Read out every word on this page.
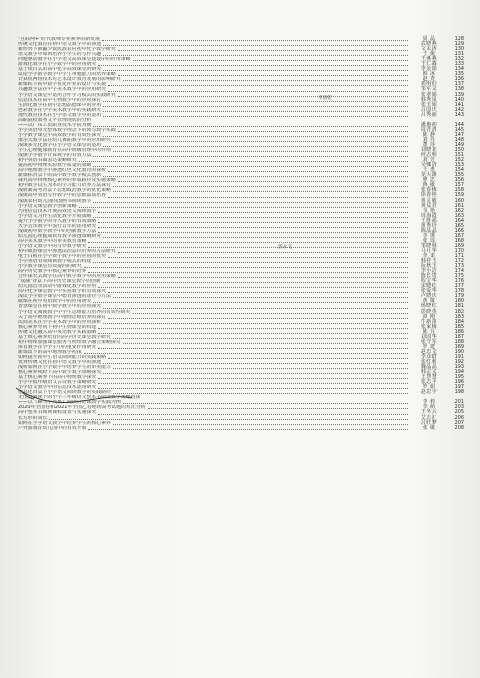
"互联网+"时代教师专业素养的新发展	周 晶	128
传统文化教育在初中语文教学中的渗透	武晓燕	129
新形势下新疆少数民族农村初中化学教学研究	文永涛	130
语文教学中如何培养小学生的写作兴趣	王 俊	131
问题驱动教学在小学语文高效课堂建设中的应用策略	王燕燕	132
游戏化教学在小学数学中的应用研究	王仁森	133
基于项目式的高中化学高效课堂的研究	李金娟	134
试论小学数学教学中学生审题能力的培养策略	韩 冰	135
计算机网络技术对艺术设计教育发展的影响研究	赵 青	136
新课程下初中数学优化作业的设计与实施	邓明伯	137
兴趣教学法在中学美术教学中的应用研究	邹军义	138
小学语文课堂中运用合作学习模式的实践研究	张翠娟	139
信息技术在高中生物教学中的应用探讨	韩秀凤	140
生活化教学在初中思想品德课中的应用	张玉娟	141
色彩教学在小学美术教学中的实践研究	吕国庆	142
现代教育技术在小学语文教学中的运用	吕秀丽	143
高职院校教务文字管理现状的分析
——以广东工贸职业技术学院为例	潘惠初	144
小学英语单元整体教学理念下的读写教学实践	周晋清	145
小学数学课堂中高效教学的有效性探究	陈 静	147
奥尔夫教学法在幼儿舞蹈教学中的应用研究	刘 丹	148
浅谈多元化教学在小学语文课堂的运用	董 莎	149
学生心理健康教育在高中班级管理中的作用	刘晓菲	150
浅谈小学数学计算教学的有效方法	何志明	151
初中英语书面表达策略研究	刘 芳	152
提高初中物理实验教学质量的策略	吴娜清	153
高中地理教学中渗透红色文化教育的探析	王 勇	154
新课标背景下的高中数学教学模式创新	龙大雄	155
探究高中物理核心素养的养成路径及实施策略	廖 忠	156
初中数学以生为本的学习能力培养方法探讨	蒋 敏	157
浅析新高考背景下思想政治教学的优化策略	张春梅	158
浅谈高中英语写作教学中的思维品质培养	徐春艳	159
浅谈农村幼儿园的图画书阅读教学	黄灵敏	160
小学语文课堂教学创新策略	黄益君	161
巧用信息技术开展高效语文阅读教学	韦 艳	162
小学语文习作生活化教学开展策略	周海霞	163
提升小学数学的导入教学的有效策略	王胜福	164
大学音乐教学中流行音乐的运用研究	黄秀玲	165
浅谈初中数学教学中的创新教学方法	陈晶晶	166
幼儿园心理健康教育教学渗透策略研究	李 瑛	167
高中美术教学中的审美教育策略	张 瑶	168
小学语文教学中的写作教学研究	邹晓林	169
初中政治课堂中渗透法治意识培养的方法研究	马月华	170
电子白板在小学数学教学中的应用的优势	李 柔	171
小学英语有效阅读教学模式的构建	韩祥玉	172
小学数学课堂有效提问的研究	阮秋玉	173
高中历史教学中核心素养的培养	李小洁	174
合作探究式教学在高中数学教学中的应用策略	陈长贵	175
"双减"背景下高中历史课堂教学的创新	程宝华	176
幼儿园音乐活动中游戏化教学的应用	宋晓红	177
高中化学课堂教学中实验教学的有效探究	张爱华	178
浅议小学数学课堂中德育渗透的途径与方法	卢晓庆	179
微课在初中英语教学中的应用研究	黄 敬	180
智慧课堂在初中数学教学中的应用探究	杨晓红	181
小学语文阅读教学中学生思维能力培养的有效性研究	彭晓英	182
关于高中地理教学中地理思维培养的探讨	谭 刚	183
民间美术在小学美术教学中的应用探析	牛新苗	184
核心素养导向下初中生物课堂的构建	张家梅	185
传统文化融入高中英语教学实践策略	陈 芬	186
基于核心素养培育的高中历史课堂教学研究	刘国华	187
初中物理加强课堂服务与物理教学融合策略探讨	张守军	188
体育教学在小学生中的重要作用研究	罗 建	189
新课改下的高中地理教学初探	赵忠文	190
如何提升初中生语文阅读能力的实践策略	李彦群	191
优秀传统文化在初中语文教学中的渗透	张红莉	192
浅析如何在小学数学中培养学生的审美能力	魏晶晶	193
核心素养视野下高中数学教学策略探究	韩宗义	194
基于核心素养下的高中物理教学探究	王慧慧	195
小学中低年级语文古诗教学策略研究	张志平	196
小学语文教学中的信息技术运用研究	罗 娟	197
信息化背景下小学语文阅读教学的实践路径	赵思宇	198
无压力阅读下的小学三年级语文整本书阅读教学策略初探
——以《蜂鸟小英雄》阅读讨论课教学实践为例	李 莉	201
2020年全国卷和2021年全国乙卷地理高考试题的对比分析	李 萌	203
高中整本书阅读课程设置与实施探究	王冬云	205
长方形的周长	艾志汇	206
如何在小学语文教学中培养学生的核心素养	吕旺梦	207
户外游戏在幼儿园中的有效开展	张 敏	208
李晨乾
郭永飞
